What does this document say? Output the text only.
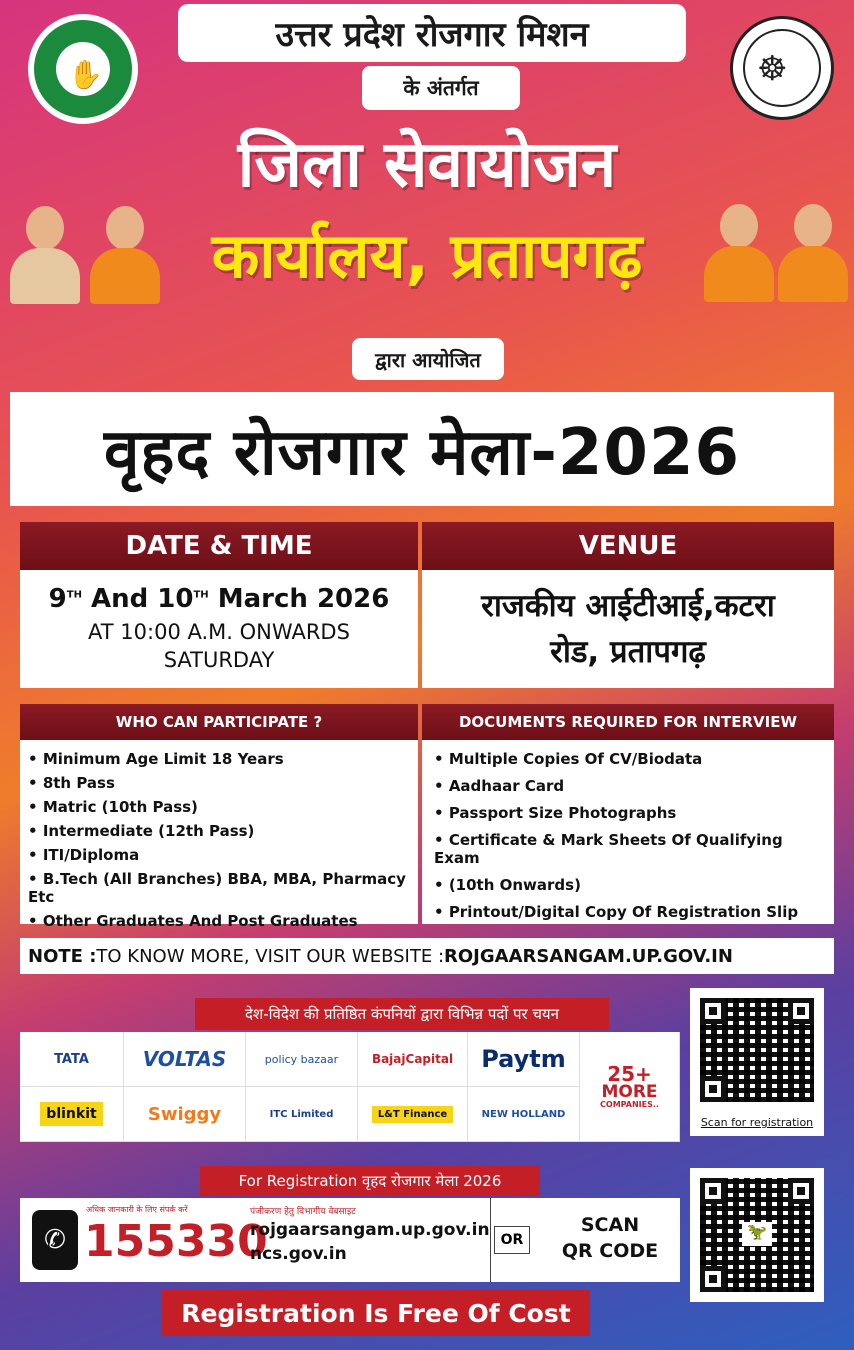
✋	☸
उत्तर प्रदेश रोजगार मिशन
के अंतर्गत
जिला सेवायोजन
कार्यालय, प्रतापगढ़
द्वारा आयोजित
वृहद रोजगार मेला-2026
DATE & TIME	VENUE
9TH And 10TH March 2026
AT 10:00 A.M. ONWARDS
SATURDAY
राजकीय आईटीआई,कटरा
रोड, प्रतापगढ़
WHO CAN PARTICIPATE ?	DOCUMENTS REQUIRED FOR INTERVIEW
• Minimum Age Limit 18 Years
• 8th Pass
• Matric (10th Pass)
• Intermediate (12th Pass)
• ITI/Diploma
• B.Tech (All Branches) BBA, MBA, Pharmacy Etc
• Other Graduates And Post Graduates
• Multiple Copies Of CV/Biodata
• Aadhaar Card
• Passport Size Photographs
• Certificate & Mark Sheets Of Qualifying Exam
• (10th Onwards)
• Printout/Digital Copy Of Registration Slip
NOTE : TO KNOW MORE, VISIT OUR WEBSITE : ROJGAARSANGAM.UP.GOV.IN
देश-विदेश की प्रतिष्ठित कंपनियों द्वारा विभिन्न पदों पर चयन
TATA	VOLTAS	policy bazaar	BajajCapital	Paytm
25+
MORE
COMPANIES..
blinkit	Swiggy	ITC Limited	L&T Finance	NEW HOLLAND
Scan for registration
For Registration वृहद रोजगार मेला 2026
✆
अधिक जानकारी के लिए संपर्क करें
155330
पंजीकरण हेतु विभागीय वेबसाइट
rojgaarsangam.up.gov.in
ncs.gov.in
OR
SCAN
QR CODE
🦖
Registration Is Free Of Cost
